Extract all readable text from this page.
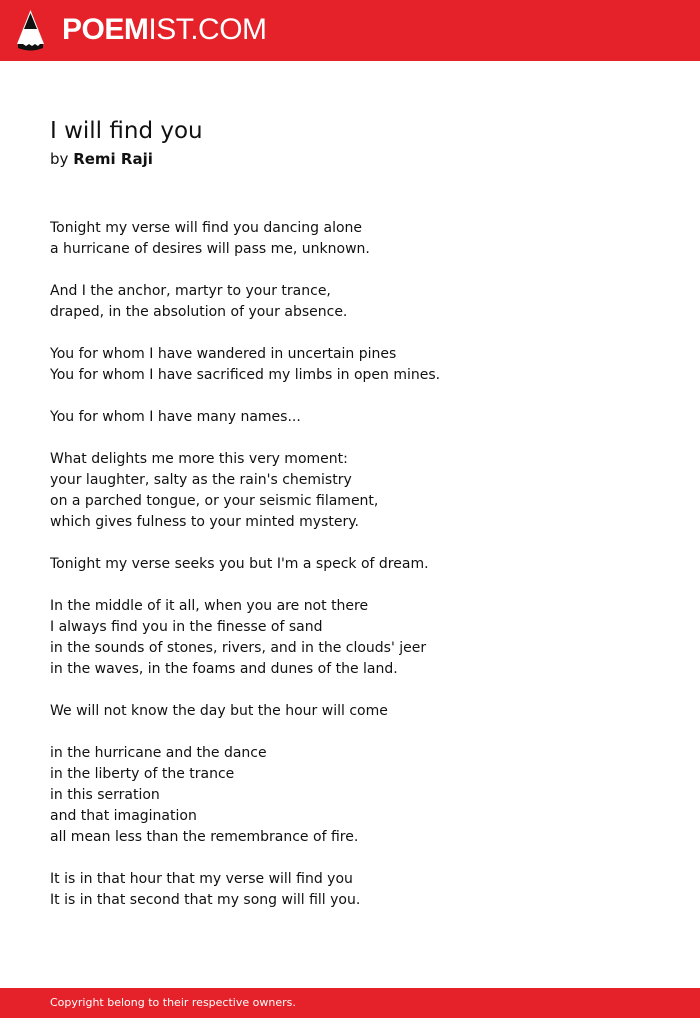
POEMIST.COM
I will find you
by Remi Raji
Tonight my verse will find you dancing alone
a hurricane of desires will pass me, unknown.
And I the anchor, martyr to your trance,
draped, in the absolution of your absence.
You for whom I have wandered in uncertain pines
You for whom I have sacrificed my limbs in open mines.
You for whom I have many names...
What delights me more this very moment:
your laughter, salty as the rain's chemistry
on a parched tongue, or your seismic filament,
which gives fulness to your minted mystery.
Tonight my verse seeks you but I'm a speck of dream.
In the middle of it all, when you are not there
I always find you in the finesse of sand
in the sounds of stones, rivers, and in the clouds' jeer
in the waves, in the foams and dunes of the land.
We will not know the day but the hour will come
in the hurricane and the dance
in the liberty of the trance
in this serration
and that imagination
all mean less than the remembrance of fire.
It is in that hour that my verse will find you
It is in that second that my song will fill you.
Copyright belong to their respective owners.
